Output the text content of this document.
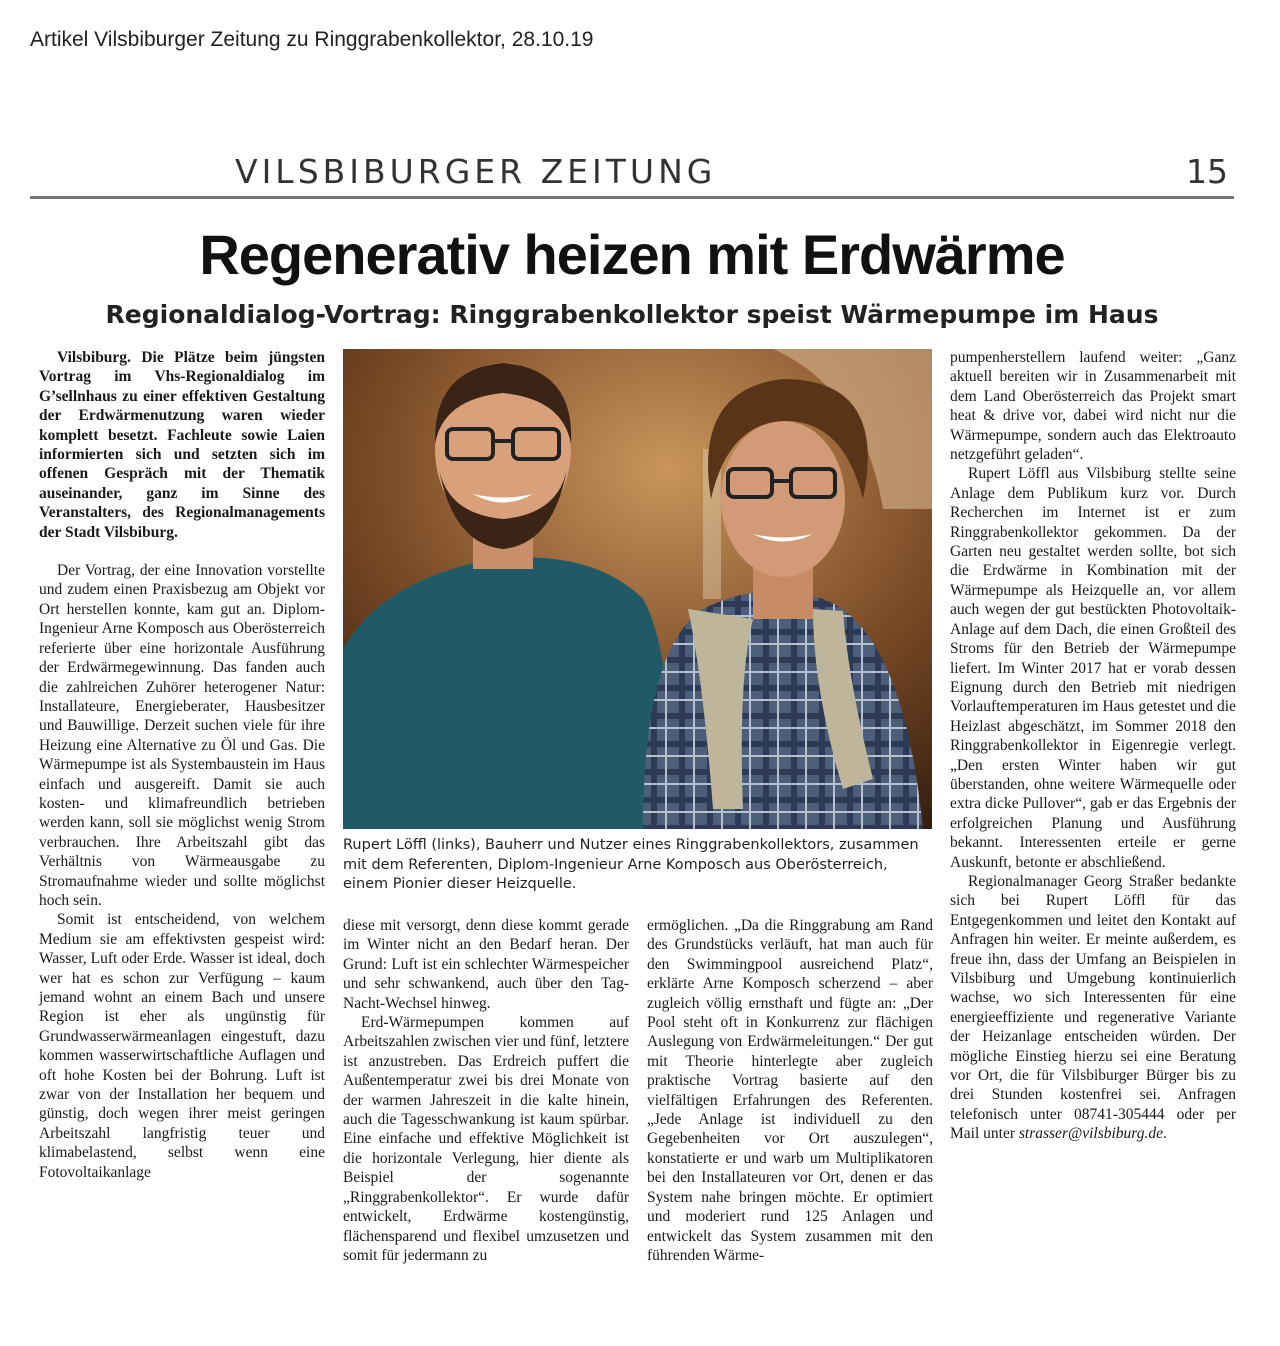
Artikel Vilsbiburger Zeitung zu Ringgrabenkollektor, 28.10.19
VILSBIBURGER ZEITUNG	15
Regenerativ heizen mit Erdwärme
Regionaldialog-Vortrag: Ringgrabenkollektor speist Wärmepumpe im Haus

Vilsbiburg. Die Plätze beim jüngsten Vortrag im Vhs-Regionaldialog im G’sellnhaus zu einer effektiven Gestaltung der Erdwärmenutzung waren wieder komplett besetzt. Fachleute sowie Laien informierten sich und setzten sich im offenen Gespräch mit der Thematik auseinander, ganz im Sinne des Veranstalters, des Regionalmanagements der Stadt Vilsbiburg.

Der Vortrag, der eine Innovation vorstellte und zudem einen Praxisbezug am Objekt vor Ort herstellen konnte, kam gut an. Diplom-Ingenieur Arne Komposch aus Oberösterreich referierte über eine horizontale Ausführung der Erdwärmegewinnung. Das fanden auch die zahlreichen Zuhörer heterogener Natur: Installateure, Energieberater, Hausbesitzer und Bauwillige. Derzeit suchen viele für ihre Heizung eine Alternative zu Öl und Gas. Die Wärmepumpe ist als Systembaustein im Haus einfach und ausgereift. Damit sie auch kosten- und klimafreundlich betrieben werden kann, soll sie möglichst wenig Strom verbrauchen. Ihre Arbeitszahl gibt das Verhältnis von Wärmeausgabe zu Stromaufnahme wieder und sollte möglichst hoch sein.

Somit ist entscheidend, von welchem Medium sie am effektivsten gespeist wird: Wasser, Luft oder Erde. Wasser ist ideal, doch wer hat es schon zur Verfügung – kaum jemand wohnt an einem Bach und unsere Region ist eher als ungünstig für Grundwasserwärmeanlagen eingestuft, dazu kommen wasserwirtschaftliche Auflagen und oft hohe Kosten bei der Bohrung. Luft ist zwar von der Installation her bequem und günstig, doch wegen ihrer meist geringen Arbeitszahl langfristig teuer und klimabelastend, selbst wenn eine Fotovoltaikanlage

Rupert Löffl (links), Bauherr und Nutzer eines Ringgrabenkollektors, zusammen mit dem Referenten, Diplom-Ingenieur Arne Komposch aus Oberösterreich, einem Pionier dieser Heizquelle.

diese mit versorgt, denn diese kommt gerade im Winter nicht an den Bedarf heran. Der Grund: Luft ist ein schlechter Wärmespeicher und sehr schwankend, auch über den Tag-Nacht-Wechsel hinweg.

Erd-Wärmepumpen kommen auf Arbeitszahlen zwischen vier und fünf, letztere ist anzustreben. Das Erdreich puffert die Außentemperatur zwei bis drei Monate von der warmen Jahreszeit in die kalte hinein, auch die Tagesschwankung ist kaum spürbar. Eine einfache und effektive Möglichkeit ist die horizontale Verlegung, hier diente als Beispiel der sogenannte „Ringgrabenkollektor“. Er wurde dafür entwickelt, Erdwärme kostengünstig, flächensparend und flexibel umzusetzen und somit für jedermann zu

ermöglichen. „Da die Ringgrabung am Rand des Grundstücks verläuft, hat man auch für den Swimmingpool ausreichend Platz“, erklärte Arne Komposch scherzend – aber zugleich völlig ernsthaft und fügte an: „Der Pool steht oft in Konkurrenz zur flächigen Auslegung von Erdwärmeleitungen.“ Der gut mit Theorie hinterlegte aber zugleich praktische Vortrag basierte auf den vielfältigen Erfahrungen des Referenten. „Jede Anlage ist individuell zu den Gegebenheiten vor Ort auszulegen“, konstatierte er und warb um Multiplikatoren bei den Installateuren vor Ort, denen er das System nahe bringen möchte. Er optimiert und moderiert rund 125 Anlagen und entwickelt das System zusammen mit den führenden Wärme-

pumpenherstellern laufend weiter: „Ganz aktuell bereiten wir in Zusammenarbeit mit dem Land Oberösterreich das Projekt smart heat & drive vor, dabei wird nicht nur die Wärmepumpe, sondern auch das Elektroauto netzgeführt geladen“.

Rupert Löffl aus Vilsbiburg stellte seine Anlage dem Publikum kurz vor. Durch Recherchen im Internet ist er zum Ringgrabenkollektor gekommen. Da der Garten neu gestaltet werden sollte, bot sich die Erdwärme in Kombination mit der Wärmepumpe als Heizquelle an, vor allem auch wegen der gut bestückten Photovoltaik-Anlage auf dem Dach, die einen Großteil des Stroms für den Betrieb der Wärmepumpe liefert. Im Winter 2017 hat er vorab dessen Eignung durch den Betrieb mit niedrigen Vorlauftemperaturen im Haus getestet und die Heizlast abgeschätzt, im Sommer 2018 den Ringgrabenkollektor in Eigenregie verlegt. „Den ersten Winter haben wir gut überstanden, ohne weitere Wärmequelle oder extra dicke Pullover“, gab er das Ergebnis der erfolgreichen Planung und Ausführung bekannt. Interessenten erteile er gerne Auskunft, betonte er abschließend.

Regionalmanager Georg Straßer bedankte sich bei Rupert Löffl für das Entgegenkommen und leitet den Kontakt auf Anfragen hin weiter. Er meinte außerdem, es freue ihn, dass der Umfang an Beispielen in Vilsbiburg und Umgebung kontinuierlich wachse, wo sich Interessenten für eine energieeffiziente und regenerative Variante der Heizanlage entscheiden würden. Der mögliche Einstieg hierzu sei eine Beratung vor Ort, die für Vilsbiburger Bürger bis zu drei Stunden kostenfrei sei. Anfragen telefonisch unter 08741-305444 oder per Mail unter strasser@vilsbiburg.de.
